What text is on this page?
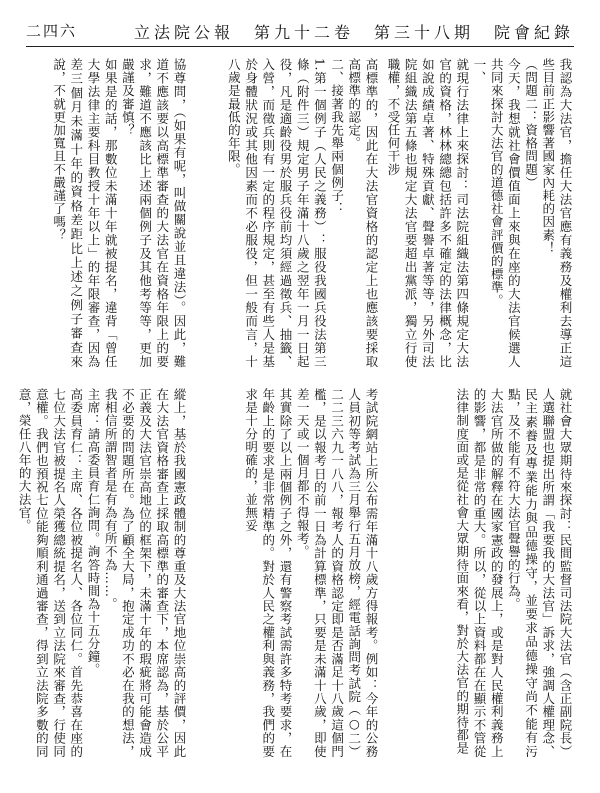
立法院公報　第九十二卷　第三十八期　院會紀錄
二四六
我認為大法官，擔任大法官應有義務及權利去導正這些目前正影響著國家內耗的因素！
（問題二：資格問題）
今天，我想就社會價值面上來與在座的大法官候選人共同來探討大法官的道德社會評價的標準。
一、
就現行法律上來探討：司法院組織法第四條規定大法官的資格，林林總總包括許多不確定的法律概念，比如說成績卓著、特殊貢獻、聲譽卓著等等，另外司法院組織法第五條也規定大法官要超出黨派，獨立行使職權，不受任何干涉
高標準的，因此在大法官資格的認定上也應該要採取高標準的認定。
二、接著我先舉兩個例子：
1.第一個例子（人民之義務）：服役我國兵役法第三條（附件三）規定男子年滿十八歲之翌年一月一日起役，凡是適齡役男於服兵役前均須經過徵兵、抽籤、入營，而徵兵則有一定的程序規定，甚至有些人是基於身體狀況或其他因素而不必服役，但一般而言，十八歲是最低的年限。
協尊問，（如果有呢，叫做關說並且違法）。因此，難道不應該要以高標準審查的大法官在資格年限上的要求，難道不應該比上述兩個例子及其他考等等，更加嚴謹及審慎？
如果是的話，那數位未滿十年就被提名，違背「曾任大學法律主要科目教授十年以上」的年限審查，因為差三個月未滿十年的資格差距比上述之例子審查來說，不就更加寬且不嚴謹了嗎？
就社會大眾期待來探討：民間監督司法院大法官（含正副院長）人選聯盟也提出所謂「我要我的大法官」訴求，強調人權理念、民主素養及專業能力與品德操守，並要求品德操守尚不能有污點，及不能有不符大法官聲譽的行為。
大法官所做的解釋在國家憲政的發展上，或是對人民權利義務上的影響，都是非常的重大。所以，從以上資料都在在顯示不管從法律制度面或是從社會大眾期待面來看，對於大法官的期待都是
考試院網站上所公布需年滿十八歲方得報考。例如：今年的公務人員初等考試為三月舉行五月放榜，經電話詢問考試院（○二）二二三六九一八八，報考人的資格認定即是否滿足十八歲這個門檻，是以報考日的前一日為計算標準，只要是未滿十八歲，即使差一天或一個月都不得報考。
其實除了以上兩個例子之外，還有警察考試需許多特考要求，在年齡上的要求是非常精準的。對於人民之權利與義務，我們的要求是十分明確的，並無妥
縱上，基於我國憲政體制的尊重及大法官地位崇高的評價，因此在大法官資格審查上採取高標準的審查下，本席認為，基於公平正義及大法官崇高地位的框架下，未滿十年的瑕疵將可能會造成不必要的問題所在。為了顧全大局，抱定成功不必在我的想法，我相信所謂智者是有為有所不為……。
主席：請高委員育仁詢問。詢答時間為十五分鐘。
高委員育仁：主席、各位被提名人、各位同仁。首先恭喜在座的七位大法官被提名人榮獲總統提名，送到立法院來審查，行使同意權。我們也預祝七位能夠順利通過審查，得到立法院多數的同意，榮任八年的大法官。
